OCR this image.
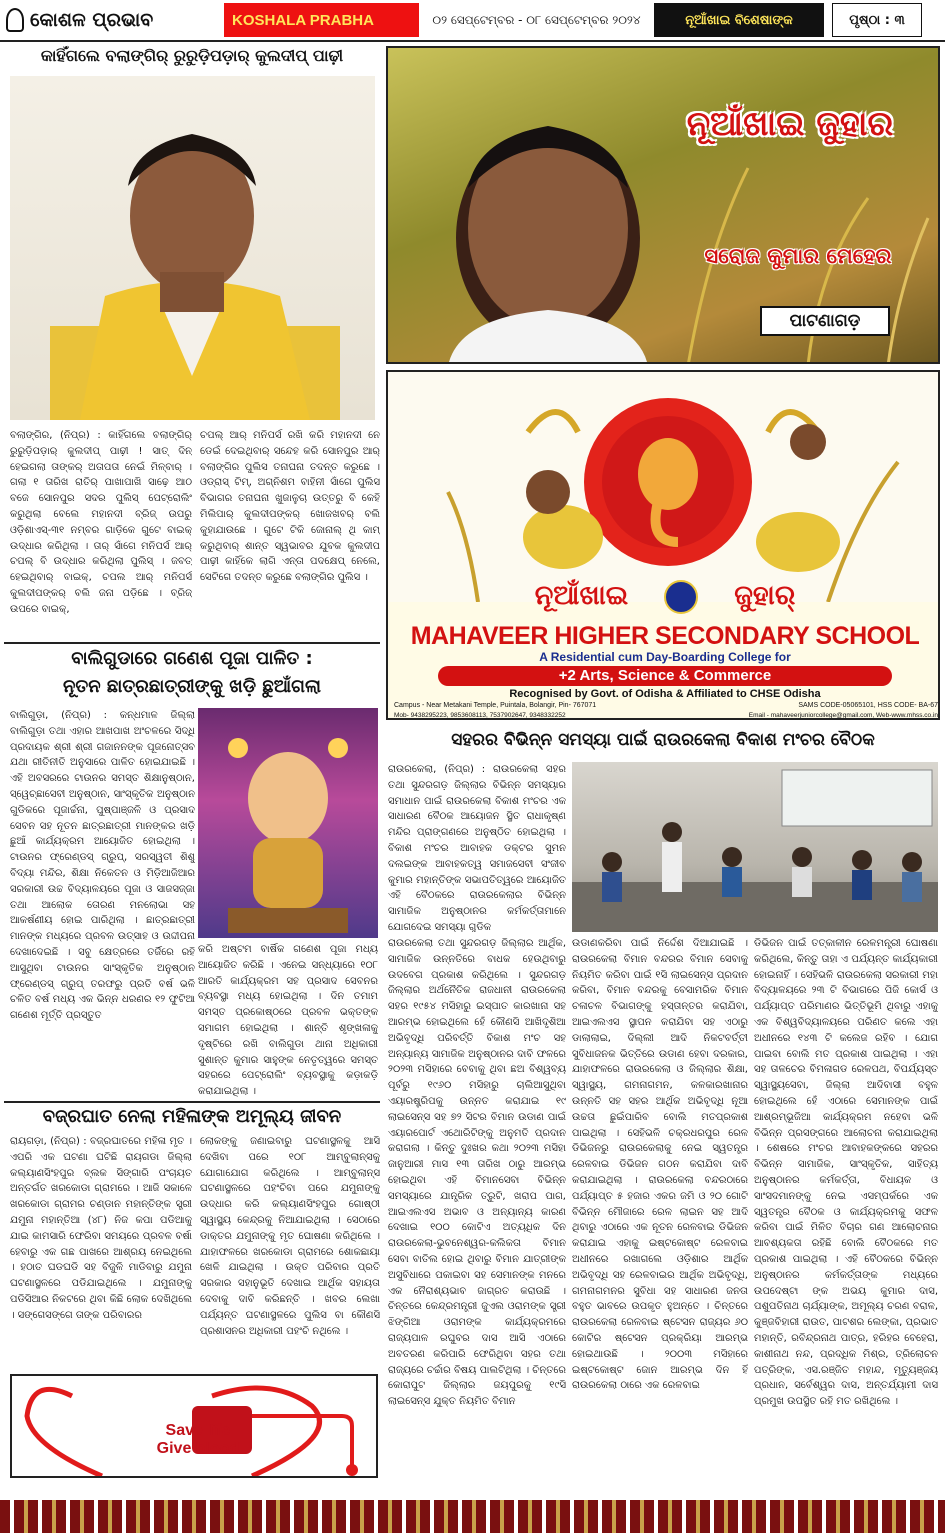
କୋଶଳ ପ୍ରଭାବ	KOSHALA PRABHA	୦୨ ସେପ୍ଟେମ୍ବର - ୦୮ ସେପ୍ଟେମ୍ବର ୨୦୨୪	ନୂଆଁଖାଇ ବିଶେଷାଙ୍କ	ପୃଷ୍ଠା : ୩
କାହିଁଗଲେ ବଲାଙ୍ଗିର୍ ରୁରୁଡ଼ିପଡ଼ାର୍ କୁଲଦୀପ୍ ପାଢ଼ୀ
ବଲାଙ୍ଗିର, (ନିପ୍ର) : କାହିଁଗଲେ ବଲାଙ୍ଗିର୍ ରୁରୁଡ଼ିପଡ଼ାର୍ କୁଲଦୀପ୍ ପାଢ଼ୀ ! ସାତ୍ ଦିନ୍ ହେଇଗଲା ତାଙ୍କର୍ ଅତାପତା ନେଇଁ ମିଳ୍ବାର୍ । ଗଲା ୧ ତାରିଖ ରାତିର୍ ପାଖାପାଖି ସାଢ଼େ ଆଠ ବଜେ ସୋନପୁର ସଦର ପୁଲିସ୍ ପେଟ୍ରୋଲିଂ କରୁଥିଲା ବେଲେ ମହାନଦୀ ବ୍ରିଜ୍ ଉପରୁ ଓଡ଼ିଶାଏସ୍-୩୧ ନମ୍ବର ଗାଡ଼ିକେ ଗୁଟେ ବାଇକ୍ ଉଦ୍ଧାର କରିଥିଲା । ତାର୍ ସାଁଗେ ମନିପର୍ସ ଆର୍ ଚପଲ୍ ବି ଉଦ୍ଧାର କରିଥିଲା ପୁଲିସ୍ । ଜବତ୍ ହେଇଥିବାର୍ ବାଇକ୍, ଚପଲ ଆର୍ ମନିପର୍ସ କୁଲଦୀପଙ୍କର୍ ବଲି ଜନା ପଡ଼ିଛେ । ବ୍ରିଜ୍ ଉପରେ ବାଇକ୍,
ଚପଲ୍ ଆର୍ ମନିପର୍ସ ରଖି କରି ମହାନଦୀ ନେ ଡେଇଁ ଦେଇଥିବାର୍ ସନ୍ଦେହ କରି ସୋନପୁର ଆର୍ ବଲାଙ୍ଗିର ପୁଲିସ ତନାଘନା ତଦନ୍ତ କରୁଛେ । ଓଡ୍ରାସ୍ ଟିମ୍, ଅଗ୍ନିଶମ ବାହିନୀ ସାଁଗେ ପୁଲିସ ବିଭାଗର ତନାଘନା ଖୁଜାଳୁଚା ଉତ୍ତରୁ ବି କେହି ମିଲିପାର୍ କୁଲଦୀପଙ୍କର୍ ଖୋଜଖବର୍ ବଲି କୁହାଯାଉଛେ । ଗୁଟେ ଟିକି ଜୋନାଲ୍ ଥି କାମ୍ କରୁଥିବାର୍ ଶାନ୍ତ ସ୍ୱଭାବର ଯୁବକ କୁଲଦୀପ ପାଢ଼ୀ କାହିଁକେ ଲାଗି ଏନ୍ତା ପଦକ୍ଷେପ୍ ନେଲେ, ସେଟିଗେ ତଦନ୍ତ କରୁଛେ ବଲାଙ୍ଗିର ପୁଲିସ ।
ନୂଆଁଖାଇ ଜୁହାର
ସରୋଜ କୁମାର ମେହେର
ପାଟଣାଗଡ଼
ନୂଆଁଖାଇ	ଜୁହାର୍
MAHAVEER HIGHER SECONDARY SCHOOL
A Residential cum Day-Boarding College for
+2 Arts, Science & Commerce
Recognised by Govt. of Odisha & Affiliated to CHSE Odisha
Campus - Near Metakani Temple, Puintala, Bolangir, Pin- 767071	SAMS CODE-05065101, HSS CODE- BA-67
Mob- 9438295223, 9853608113, 7537902647, 9348332252	Email - mahaveerjuniorcollege@gmail.com, Web-www.mhss.co.in
ବାଲିଗୁଡାରେ ଗଣେଶ ପୂଜା ପାଳିତ :
ନୂତନ ଛାତ୍ରଛାତ୍ରୀଙ୍କୁ ଖଡ଼ି ଛୁଆଁଗଲା
ବାଲିଗୁଡ଼ା, (ନିପ୍ର) : କନ୍ଧମାଳ ଜିଲ୍ଲା ବାଲିଗୁଡ଼ା ତଥା ଏହାର ଆଖପାଖ ଅଂଚଳରେ ସିଦ୍ଧି ପ୍ରଦାୟକ ଶ୍ରୀ ଶ୍ରୀ ଗଜାନନଙ୍କ ପୂଜନୋତ୍ସବ ଯଥା ରୀତିନୀତି ଅନୁସାରେ ପାଳିତ ହୋଇଯାଇଛି । ଏହି ଅବସରରେ ଟାଉନର ସମସ୍ତ ଶିକ୍ଷାନୁଷ୍ଠାନ, ସ୍ୱେଚ୍ଛାସେବୀ ଅନୁଷ୍ଠାନ, ସାଂସ୍କୃତିକ ଅନୁଷ୍ଠାନ ଗୁଡିକରେ ପୂଜାର୍ଚ୍ଚନା, ପୁଷ୍ପାଞ୍ଜଳି ଓ ପ୍ରସାଦ ସେବନ ସହ ନୂତନ ଛାତ୍ରଛାତ୍ରୀ ମାନଙ୍କର ଖଡ଼ି ଛୁଆଁ କାର୍ଯ୍ୟକ୍ରମ ଆୟୋଜିତ ହୋଇଥିଲା । ଟାଉନର ଫ୍ରେଣ୍ଡସ୍ ଗ୍ରୁପ୍, ସରସ୍ୱତୀ ଶିଶୁ ବିଦ୍ୟା ମନ୍ଦିର, ଶିକ୍ଷା ନିକେତନ ଓ ମିଡ଼ିଆଜିଆର ସରକାରୀ ଉଚ୍ଚ ବିଦ୍ୟାଳୟରେ ପୂଜା ଓ ସାଜସଜ୍ଜା ତଥା ଆଲୋକ ତୋରଣ ମନଲୋଭା ସହ ଆକର୍ଷଣୀୟ ହୋଇ ପାରିଥିଲା । ଛାତ୍ରଛାତ୍ରୀ ମାନଙ୍କ ମଧ୍ୟରେ ପ୍ରବଳ ଉତ୍ସାହ ଓ ଉଦ୍ଦୀପନା ଦେଖାଦେଇଛି । ସବୁ କ୍ଷେତ୍ରରେ ତର୍ଜିରେ ରହି ଆସୁଥିବା ଟାଉନର ସାଂସ୍କୃତିକ ଅନୁଷ୍ଠାନ ଫ୍ରେଣ୍ଡସ୍ ଗ୍ରୁପ୍ ତରଫରୁ ପ୍ରତି ବର୍ଷ ଭଳି ଚଳିତ ବର୍ଷ ମଧ୍ୟ ଏକ ଭିନ୍ନ ଧରଣର ୧୨ ଫୁଟିଆ ଗଣେଶ ମୂର୍ତ୍ତି ପ୍ରସ୍ତୁତ
କରି ଅଷ୍ଟମ ବାର୍ଷିକ ଗଣେଶ ପୂଜା ମଧ୍ୟ ଆୟୋଜିତ କରିଛି । ଏନେଇ ସନ୍ଧ୍ୟାରେ ୧୦୮ ଆରତି କାର୍ଯ୍ୟକ୍ରମ ସହ ପ୍ରସାଦ ସେବନର ବ୍ୟବସ୍ଥା ମଧ୍ୟ ହୋଇଥିଲା । ଦିନ ତମାମ ସମସ୍ତ ପ୍ରକୋଷ୍ଠରେ ପ୍ରବଳ ଭକ୍ତଙ୍କ ସମାଗମ ହୋଇଥିଲା । ଶାନ୍ତି ଶୃଙ୍ଖଳାକୁ ଦୃଷ୍ଟିରେ ରଖି ବାଲିଗୁଡା ଥାନା ଅଧିକାରୀ ସୁଶାନ୍ତ କୁମାର ସାହୁଙ୍କ ନେତୃତ୍ୱରେ ସମସ୍ତ ସହରରେ ପେଟ୍ରୋଲିଂ ବ୍ୟବସ୍ଥାକୁ କଡ଼ାକଡ଼ି କରାଯାଇଥିଲା ।
ସହରର ବିଭିନ୍ନ ସମସ୍ୟା ପାଇଁ ରାଉରକେଲା ବିକାଶ ମଂଚର ବୈଠକ
ରାଉରକେଲା, (ନିପ୍ର) : ରାଉରକେଲା ସହର ତଥା ସୁନ୍ଦରଗଡ଼ ଜିଲ୍ଲାର ବିଭିନ୍ନ ସମସ୍ୟାର ସମାଧାନ ପାଇଁ ରାଉରକେଲା ବିକାଶ ମଂଚର ଏକ ସାଧାରଣ ବୈଠକ ଆୟୋଜନ ସ୍ଥିତ ରାଧାକୃଷ୍ଣ ମନ୍ଦିର ପ୍ରାଙ୍ଗଣରେ ଅନୁଷ୍ଠିତ ହୋଇଥିଲା । ବିକାଶ ମଂଚର ଆବାହକ ଡକ୍ଟର ସୁମନ ଦଲଇଙ୍କ ଆବାହକତ୍ୱ ସମାଜସେବୀ ସଂଜୀବ କୁମାର ମହାନ୍ତିଙ୍କ ସଭାପତିତ୍ୱରେ ଆୟୋଜିତ ଏହି ବୈଠକରେ ରାଉରକେଲାର ବିଭିନ୍ନ ସାମାଜିକ ଅନୁଷ୍ଠାନର କର୍ମକର୍ତ୍ତାମାନେ ଯୋଗଦେଇ ସମସ୍ୟା ଗୁଡିକ
ରାଉରକେଲା ତଥା ସୁନ୍ଦରଗଡ଼ ଜିଲ୍ଲାର ଆର୍ଥିକ, ସାମାଜିକ ଉନ୍ନତିରେ ବାଧକ ହେଉଥିବାରୁ ଉଦବେଗ ପ୍ରକାଶ କରିଥିଲେ । ସୁନ୍ଦରଗଡ଼ ଜିଲ୍ଲାର ଅର୍ଥନୈତିକ ରାଜଧାନୀ ରାଉରକେଲା ସହର ୧୯୫୪ ମସିହାରୁ ଇସ୍ପାତ କାରଖାନା ସହ ଆରମ୍ଭ ହୋଇଥିଲେ ହେଁ କୌଣସି ଆଖିଦୃଶିଆ ଅଭିବୃଦ୍ଧି ପରିବର୍ତ୍ତି ବିକାଶ ମଂଚ ସହ ଅନ୍ୟାନ୍ୟ ସାମାଜିକ ଅନୁଷ୍ଠାନର ଦାବି ଫଳରେ ୨୦୨୩ ମସିହାରେ ବେବାକୁ ଥିବା ଛଅ ବିଶ୍ୱବ୍ୟ ପୂର୍ବରୁ ୧୯୬୦ ମସିହାରୁ ଚାଲିଆସୁଥିବା ଏୟାରଷ୍ଟ୍ରିପକୁ ଉନ୍ନତ କରାଯାଇ ୧୯ ଲାଇସେନ୍ସ ସହ ୭୨ ସିଟର ବିମାନ ଉଡାଣ ପାଇଁ ଏୟାରପୋର୍ଟ ଏଥୋରିଟିଙ୍କୁ ଅନୁମତି ପ୍ରଦାନ କରାଗଲା । କିନ୍ତୁ ଦୁଃଖର କଥା ୨୦୨୩ ମସିହା ଜାନୁଆରୀ ମାସ ୧୩ ତାରିଖ ଠାରୁ ଆରମ୍ଭ ହୋଇଥିବା ଏହି ବିମାନସେବା ବିଭିନ୍ନ ସମସ୍ୟାରେ ଯାନ୍ତ୍ରିକ ତ୍ରୁଟି, ଖରାପ ପାଗ, ଆଇଏଲଏସ ଅଭାବ ଓ ଅନ୍ୟାନ୍ୟ କାରଣ ଦେଖାଇ ୧୦୦ କୋଟିଏ ଅତ୍ୟଧିକ ଦିନ ରାଉରକେଲା-ଭୁବନେଶ୍ୱର-କଲିକତା ବିମାନ ସେବା ବାତିଲ ହୋଇ ଥିବାରୁ ବିମାନ ଯାତ୍ରୀଙ୍କ ଅସୁବିଧାରେ ପକାଇବା ସହ ସେମାନଙ୍କ ମନରେ ଏକ ନୈରାଶ୍ୟଭାବ ଜାଗ୍ରତ କରାଉଛି । ଚିନ୍ତରେ କେନ୍ଦ୍ରମନ୍ତ୍ରୀ ଜୁଏଲ ଓରାମଙ୍କ ସ୍ତ୍ରୀ ଝିଙ୍ଗିଆ ଓରାମଙ୍କ କାର୍ଯ୍ୟକ୍ରମରେ ରାଜ୍ୟପାଳ ରଘୁବର ଦାସ ଆସି ଏଠାରେ ଅବତରଣ କରିପାରି ଫେରିଥିବା ସହର ତଥା ରାଜ୍ୟରେ ଚର୍ଚ୍ଚାର ବିଷୟ ପାଲଟିଥିଲା । ଚିନ୍ତରେ କୋରାପୁଟ ଜିଲ୍ଲାର ଜୟପୁରକୁ ୧୯ସି ଲାଇସେନ୍ସ ଯୁକ୍ତ ନିୟମିତ ବିମାନ
ଉଡାଣକରିବା ପାଇଁ ନିର୍ଦ୍ଦେଶ ଦିଆଯାଇଛି । ରାଉରକେଲା ବିମାନ ବନ୍ଦରର ବିମାନ ସେବାକୁ ନିୟମିତ କରିବା ପାଇଁ ୧ସି ଲାଇସେନ୍ସ ପ୍ରଦାନ କରିବା, ବିମାନ ବନ୍ଦରକୁ ବେସାମରିକ ବିମାନ ଚଳାଚଳ ବିଭାଗଙ୍କୁ ହସ୍ତାନ୍ତର କରାଯିବା, ଆଇଏଲଏସ ସ୍ଥାପନ କରାଯିବା ସହ ଏଠାରୁ ଡାଲାଲାଇ, ଦିଲ୍ଲୀ ଆଦି ନିକଟବର୍ତ୍ତୀ ସୁବିଧାଜନକ ଭିତ୍ତିରେ ଉଡାଣ ହେବା ଦରକାର, ଯାହାଫଳରେ ରାଉରକେଲା ଓ ଜିଲ୍ଲାର ଶିକ୍ଷା, ସ୍ୱାସ୍ଥ୍ୟ, ଗମନାଗମନ, କଳକାରଖାନାର ଉନ୍ନତି ସହ ସହର ଆର୍ଥିକ ଅଭିବୃଦ୍ଧି ନୂଆ ଉଚ୍ଚତା ଛୁଇଁପାରିବ ବୋଲି ମତପ୍ରକାଶ ପାଇଥିଲା । ସେହିଭଳି ଚକ୍ରଧରପୁର ରେଳ ଡିଭିଜନରୁ ରାଉରକେଲାକୁ ନେଇ ସ୍ୱତନ୍ତ୍ର ରେଳବାଇ ଡିଭିଜନ ଗଠନ କରାଯିବା ଦାବି କରାଯାଇଥିଲା । ରାଉରକେଲା ବନ୍ଦରଠାରେ ପର୍ଯ୍ୟାପ୍ତ ୫ ହଜାର ଏକର ଜମି ଓ ୨୦ ଗୋଟି ବିଭିନ୍ନ ମୌଜାରେ ରେଳ ଲାଇନ ସହ ଆଦି ଥିବାରୁ ଏଠାରେ ଏକ ନୂତନ ରେଳବାଇ ଡିଭିଜନ କରାଯାଇ ଏହାକୁ ଇଷ୍ଟକୋଷ୍ଟ ରେଳବାଇ ଅଧୀନରେ ରଖାଗଲେ ଓଡ଼ିଶାର ଆର୍ଥିକ ଅଭିବୃଦ୍ଧି ସହ ରେଳବାଇର ଆର୍ଥିକ ଅଭିବୃଦ୍ଧି, ଗମନାଗମନର ସୁବିଧା ସହ ସାଧାରଣ ଜନତା ବହୁତ ଭାବରେ ଉପକୃତ ହୁଅନ୍ତେ । ଚିନ୍ତରେ ରାଉରକେଲା ରେଳବାଇ ଷ୍ଟେସନ ରାଜ୍ୟର ୬୦ କୋଟିର ଷ୍ଟେସନ ପ୍ରକ୍ରିୟା ଆରମ୍ଭ ହୋଇଥାଉଛି । ୨୦୦୩ ମସିହାରେ ଇଷ୍ଟକୋଷ୍ଟ ଜୋନ ଆରମ୍ଭ ଦିନ ହିଁ ରାଉରକେଲା ଠାରେ ଏକ ରେଳବାଇ
ଡିଭିଜନ ପାଇଁ ତତ୍କାଳୀନ ରେଳମନ୍ତ୍ରୀ ଘୋଷଣା କରିଥିଲେ, କିନ୍ତୁ ତାହା ଏ ପର୍ଯ୍ୟନ୍ତ କାର୍ଯ୍ୟକାରୀ ହୋଇନାହିଁ । ସେହିଭଳି ରାଉରକେଲା ସରକାରୀ ମହା ବିଦ୍ୟାଳୟରେ ୨୩ ଟି ବିଭାଗରେ ପିଜି କୋର୍ସ ଓ ପର୍ଯ୍ୟାପ୍ତ ପରିମାଣର ଭିତ୍ତିଭୂମି ଥିବାରୁ ଏହାକୁ ଏକ ବିଶ୍ୱବିଦ୍ୟାଳୟରେ ପରିଣତ କଲେ ଏହା ଅଧୀନରେ ୧୪୩ ଟି କଲେଜ ରହିବ । ଯୋଗ ପାଇବା ବୋଲି ମତ ପ୍ରକାଶ ପାଇଥିଲା । ଏହା ସହ ତାଳଚେର ବିମଳାଗଡ ରେଳପଥ, ବିପର୍ଯ୍ୟସ୍ତ ସ୍ୱାସ୍ଥ୍ୟସେବା, ଜିଲ୍ଲା ଆଦିବାସୀ ବହୁଳ ହୋଇଥିଲେ ହେଁ ଏଠାରେ ସେମାନଙ୍କ ପାଇଁ ଆଶ୍ରମ୍ଭୂଜିଆ କାର୍ଯ୍ୟକ୍ରମ ନହେବା ଭଳି ବିଭିନ୍ନ ପ୍ରସଙ୍ଗରେ ଆଲୋଚନା କରାଯାଇଥିଲା । ଶେଷରେ ମଂଚର ଆବାହକଙ୍କରେ ସହରର ବିଭିନ୍ନ ସାମାଜିକ, ସାଂସ୍କୃତିକ, ସାହିତ୍ୟ ଅନୁଷ୍ଠାନର କର୍ମକର୍ତ୍ତା, ବିଧାୟକ ଓ ସାଂସଦମାନଙ୍କୁ ନେଇ ଏସମ୍ପର୍କରେ ଏକ ସ୍ୱତନ୍ତ୍ର ବୈଠକ ଓ କାର୍ଯ୍ୟକ୍ରମକୁ ସଫଳ କରିବା ପାଇଁ ମିଳିତ ବିଚାର ଗଣ ଆଲୋଚନାର ଆବଶ୍ୟକତା ରହିଛି ବୋଲି ବୈଠକରେ ମତ ପ୍ରକାଶ ପାଇଥିଲା । ଏହି ବୈଠକରେ ବିଭିନ୍ନ ଅନୁଷ୍ଠାନର କର୍ମକର୍ତ୍ତାଙ୍କ ମଧ୍ୟରେ ଉପଦେଷ୍ଟା ଙ୍କ ଅଭୟ କୁମାର ଦାସ, ପଶୁପତିନାଥ ଚାର୍ଯ୍ୟାଙ୍କ, ଅମୂଲ୍ୟ ଚରଣ ବରାଳ, କୁଞ୍ଜବିହାରୀ ରାଉତ, ପାଟଶର ଲେଙ୍କା, ପ୍ରଭାତ ମହାନ୍ତି, ରବିନ୍ଦ୍ରନାଥ ପାତ୍ର, ହରିହର ବେହେରା, କାଶୀନାଥ ନନ୍ଦ, ପ୍ରଦ୍ଧିକ ମିଶ୍ର, ତ୍ରିଲୋଚନ ପତ୍ରିଙ୍କ, ଏସ.ରଞ୍ଜିତ ମହାନ୍ଦ, ମୃତ୍ୟୁଞ୍ଜୟ ପ୍ରଧାନ, ସର୍ବେଶ୍ୱର ଦାସ, ଅନ୍ତର୍ଯ୍ୟାମୀ ଦାସ ପ୍ରମୁଖ ଉପସ୍ଥିତ ରହି ମତ ରଖିଥିଲେ ।
ବଜ୍ରଘାତ ନେଲା ମହିଳାଙ୍କ ଅମୂଲ୍ୟ ଜୀବନ
ରାୟଗଡ଼ା, (ନିପ୍ର) : ବଜ୍ରଘାତରେ ମହିଳା ମୃତ । ଏପରି ଏକ ଘଟଣା ଘଟିଛି ରାୟଗଡା ଜିଲ୍ଲା କଲ୍ୟାଣସିଂହପୁର ବ୍ଲକ ସିଙ୍ଗାରି ପଂଚାୟତ ଅନ୍ତର୍ଗତ ଖରକୋଡା ଗ୍ରାମରେ । ଆଜି ସକାଳେ ଖରକୋଡା ଗ୍ରାମର ଚଣ୍ଡାନ ମହାନ୍ତିଙ୍କ ସ୍ତ୍ରୀ ଯମୁନା ମହାନ୍ତିଆ (୪୮) ନିଜ କପା ପଡିଆକୁ ଯାଇ କାମସାରି ଫେରିବା ସମୟରେ ପ୍ରବଳ ବର୍ଷା ହେବାରୁ ଏକ ଗଛ ପାଖରେ ଆଶ୍ରୟ ନେଇଥିଲେ । ହଠାତ ଘଡଘଡି ସହ ବିଜୁଳି ମାଡିବାରୁ ଯମୁନା ଘଟଣାସ୍ଥଳରେ ପଡିଯାଇଥିଲେ । ଯମୁନାଙ୍କୁ ପଡିସିଆର ନିକଟରେ ଥିବା କିଛି ଲୋକ ଦେଖିଥିଲେ । ସଙ୍ଗେସଙ୍ଗେ ତାଙ୍କ ପରିବାରର
ଲୋକଙ୍କୁ ଜଣାଇବାରୁ ଘଟଣାସ୍ଥଳକୁ ଆସି ଦେଖିବା ପରେ ୧୦୮ ଆମ୍ବୁଲାନ୍ସକୁ ଯୋଗାଯୋଗ କରିଥିଲେ । ଆମ୍ବୁଲାନ୍ସ ଘଟଣାସ୍ଥଳରେ ପହଂଚିବା ପରେ ଯମୁନାଙ୍କୁ ଉଦ୍ଧାର କରି କଲ୍ୟାଣସିଂହପୁର ଗୋଷ୍ଠୀ ସ୍ୱାସ୍ଥ୍ୟ କେନ୍ଦ୍ରକୁ ନିଆଯାଇଥିଲା । ସେଠାରେ ଡାକ୍ତର ଯମୁନାଙ୍କୁ ମୃତ ଘୋଷଣା କରିଥିଲେ । ଯାହାଫଳରେ ଖରକୋଡା ଗ୍ରାମରେ ଶୋକଛାୟା ଖେଳି ଯାଇଥିଲା । ଉକ୍ତ ପରିବାର ପ୍ରତି ସରକାର ସହାନୁଭୂତି ଦେଖାଇ ଆର୍ଥିକ ସହାୟତା ଦେବାକୁ ଦାବି କରିଛନ୍ତି । ଖବର ଲେଖା ପର୍ଯ୍ୟନ୍ତ ଘଟଣାସ୍ଥଳରେ ପୁଲିସ ବା କୌଣସି ପ୍ରଶାସନର ଅଧିକାରୀ ପହଂଚି ନଥିଲେ ।
Save life
Give blood
